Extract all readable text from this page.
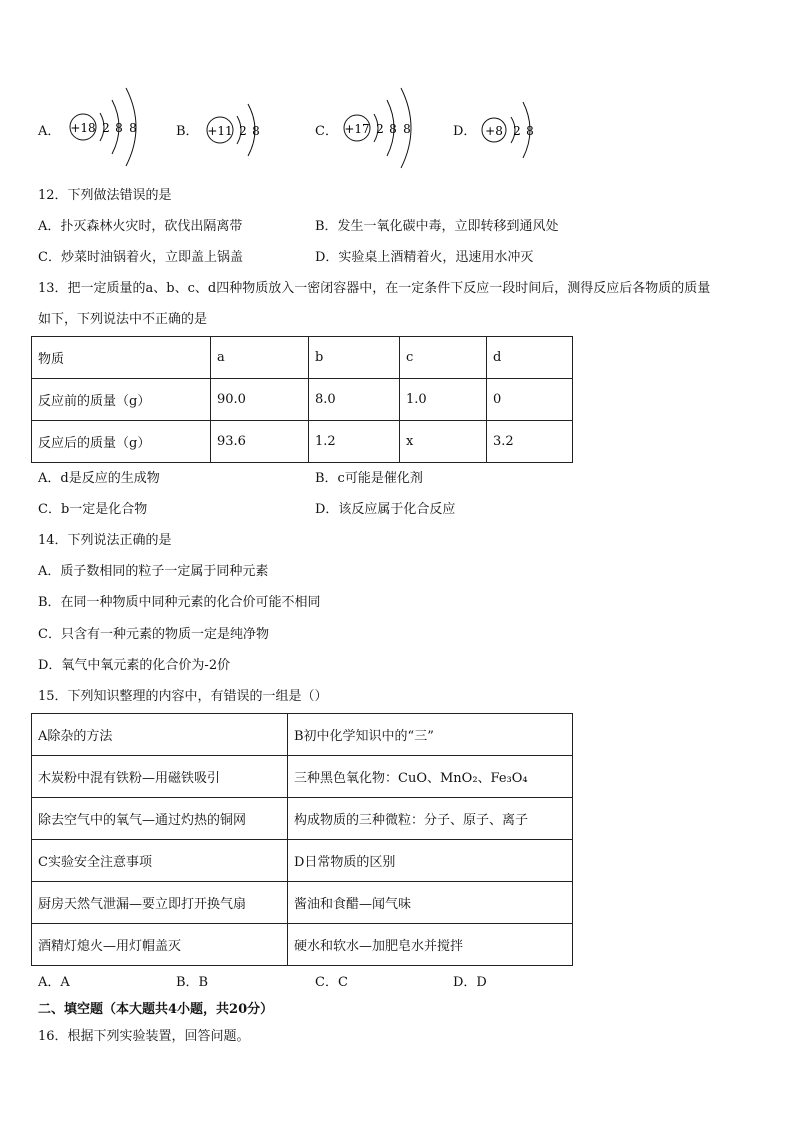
A． +18 2 8 8	B． +11 2 8	C． +17 2 8 8	D． +8 2 8
12．下列做法错误的是
A．扑灭森林火灾时，砍伐出隔离带	B．发生一氧化碳中毒，立即转移到通风处
C．炒菜时油锅着火，立即盖上锅盖	D．实验桌上酒精着火，迅速用水冲灭
13．把一定质量的a、b、c、d四种物质放入一密闭容器中，在一定条件下反应一段时间后，测得反应后各物质的质量
如下，下列说法中不正确的是
物质	a	b	c	d
反应前的质量（g）	90.0	8.0	1.0	0
反应后的质量（g）	93.6	1.2	x	3.2
A．d是反应的生成物	B．c可能是催化剂
C．b一定是化合物	D．该反应属于化合反应
14．下列说法正确的是
A．质子数相同的粒子一定属于同种元素
B．在同一种物质中同种元素的化合价可能不相同
C．只含有一种元素的物质一定是纯净物
D．氧气中氧元素的化合价为-2价
15．下列知识整理的内容中，有错误的一组是（）
A除杂的方法	B初中化学知识中的“三”
木炭粉中混有铁粉—用磁铁吸引	三种黑色氧化物：CuO、MnO₂、Fe₃O₄
除去空气中的氧气—通过灼热的铜网	构成物质的三种微粒：分子、原子、离子
C实验安全注意事项	D日常物质的区别
厨房天然气泄漏—要立即打开换气扇	酱油和食醋—闻气味
酒精灯熄火—用灯帽盖灭	硬水和软水—加肥皂水并搅拌
A．A	B．B	C．C	D．D
二、填空题（本大题共4小题，共20分）
16．根据下列实验装置，回答问题。
